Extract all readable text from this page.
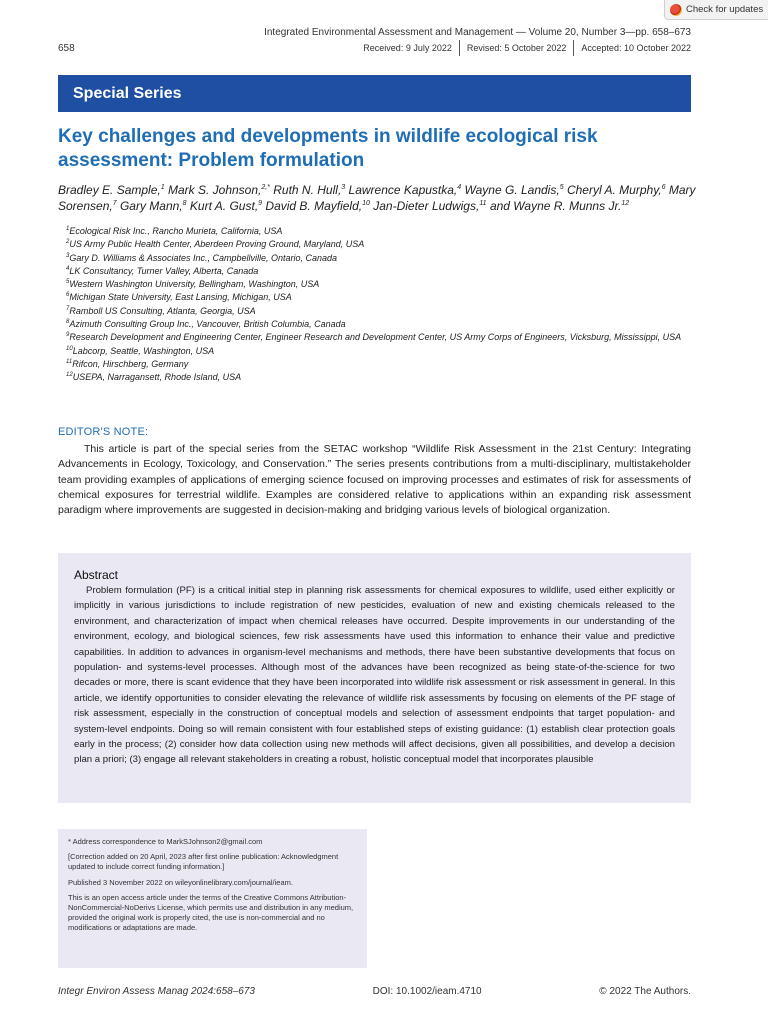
Check for updates
Integrated Environmental Assessment and Management — Volume 20, Number 3—pp. 658–673
658	Received: 9 July 2022	Revised: 5 October 2022	Accepted: 10 October 2022
Special Series
Key challenges and developments in wildlife ecological risk assessment: Problem formulation
Bradley E. Sample,$^1$ Mark S. Johnson,$^{2,*}$ Ruth N. Hull,$^3$ Lawrence Kapustka,$^4$ Wayne G. Landis,$^5$ Cheryl A. Murphy,$^6$ Mary Sorensen,$^7$ Gary Mann,$^8$ Kurt A. Gust,$^9$ David B. Mayfield,$^{10}$ Jan-Dieter Ludwigs,$^{11}$ and Wayne R. Munns Jr.$^{12}$
$^1$Ecological Risk Inc., Rancho Murieta, California, USA
$^2$US Army Public Health Center, Aberdeen Proving Ground, Maryland, USA
$^3$Gary D. Williams & Associates Inc., Campbellville, Ontario, Canada
$^4$LK Consultancy, Turner Valley, Alberta, Canada
$^5$Western Washington University, Bellingham, Washington, USA
$^6$Michigan State University, East Lansing, Michigan, USA
$^7$Ramboll US Consulting, Atlanta, Georgia, USA
$^8$Azimuth Consulting Group Inc., Vancouver, British Columbia, Canada
$^9$Research Development and Engineering Center, Engineer Research and Development Center, US Army Corps of Engineers, Vicksburg, Mississippi, USA
$^{10}$Labcorp, Seattle, Washington, USA
$^{11}$Rifcon, Hirschberg, Germany
$^{12}$USEPA, Narragansett, Rhode Island, USA
EDITOR'S NOTE:
This article is part of the special series from the SETAC workshop “Wildlife Risk Assessment in the 21st Century: Integrating Advancements in Ecology, Toxicology, and Conservation.” The series presents contributions from a multi-disciplinary, multistakeholder team providing examples of applications of emerging science focused on improving processes and estimates of risk for assessments of chemical exposures for terrestrial wildlife. Examples are considered relative to applications within an expanding risk assessment paradigm where improvements are suggested in decision-making and bridging various levels of biological organization.
Abstract
Problem formulation (PF) is a critical initial step in planning risk assessments for chemical exposures to wildlife, used either explicitly or implicitly in various jurisdictions to include registration of new pesticides, evaluation of new and existing chemicals released to the environment, and characterization of impact when chemical releases have occurred. Despite improvements in our understanding of the environment, ecology, and biological sciences, few risk assessments have used this information to enhance their value and predictive capabilities. In addition to advances in organism-level mechanisms and methods, there have been substantive developments that focus on population- and systems-level processes. Although most of the advances have been recognized as being state-of-the-science for two decades or more, there is scant evidence that they have been incorporated into wildlife risk assessment or risk assessment in general. In this article, we identify opportunities to consider elevating the relevance of wildlife risk assessments by focusing on elements of the PF stage of risk assessment, especially in the construction of conceptual models and selection of assessment endpoints that target population- and system-level endpoints. Doing so will remain consistent with four established steps of existing guidance: (1) establish clear protection goals early in the process; (2) consider how data collection using new methods will affect decisions, given all possibilities, and develop a decision plan a priori; (3) engage all relevant stakeholders in creating a robust, holistic conceptual model that incorporates plausible

* Address correspondence to MarkSJohnson2@gmail.com

[Correction added on 20 April, 2023 after first online publication: Acknowledgment updated to include correct funding information.]

Published 3 November 2022 on wileyonlinelibrary.com/journal/ieam.

This is an open access article under the terms of the Creative Commons Attribution-NonCommercial-NoDerivs License, which permits use and distribution in any medium, provided the original work is properly cited, the use is non-commercial and no modifications or adaptations are made.

Integr Environ Assess Manag 2024:658–673	DOI: 10.1002/ieam.4710	© 2022 The Authors.
